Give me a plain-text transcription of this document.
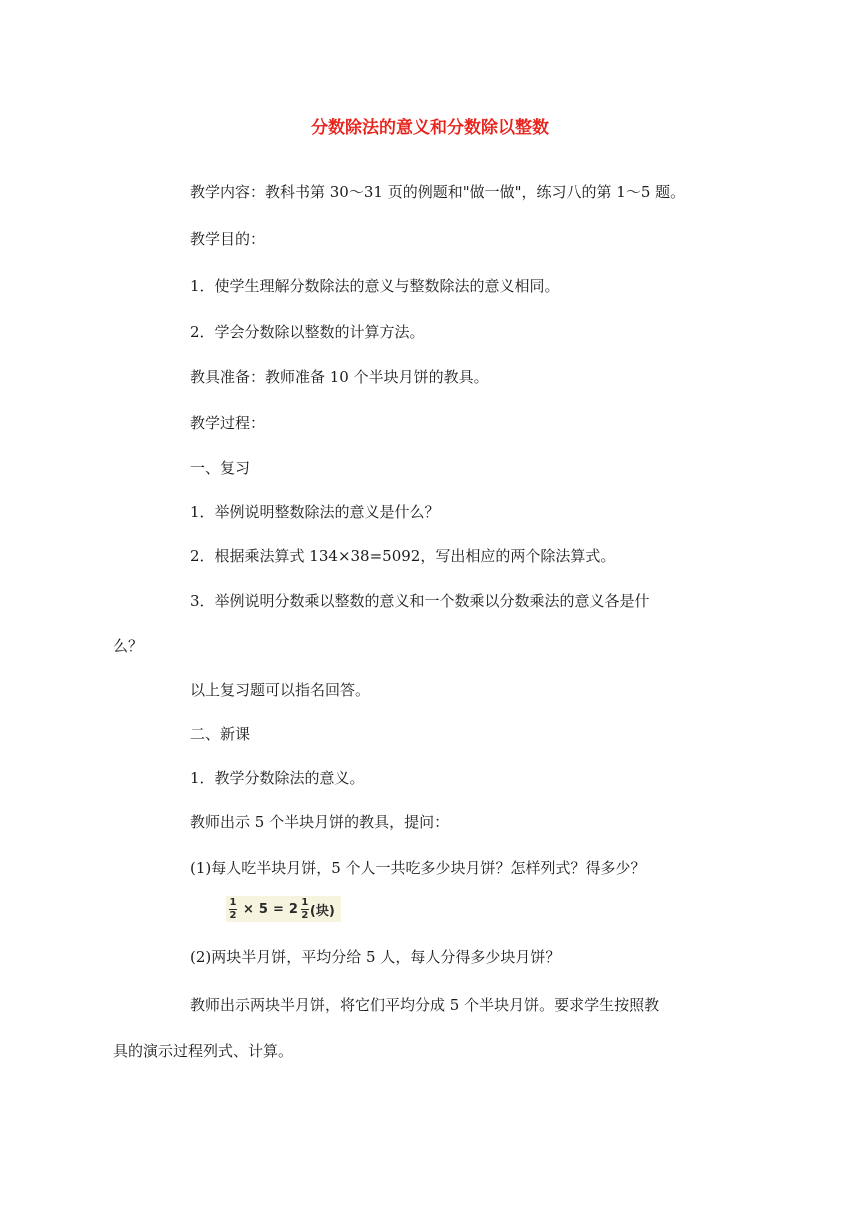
分数除法的意义和分数除以整数
教学内容：教科书第 30～31 页的例题和"做一做"，练习八的第 1～5 题。
教学目的：
1．使学生理解分数除法的意义与整数除法的意义相同。
2．学会分数除以整数的计算方法。
教具准备：教师准备 10 个半块月饼的教具。
教学过程：
一、复习
1．举例说明整数除法的意义是什么？
2．根据乘法算式 134×38=5092，写出相应的两个除法算式。
3．举例说明分数乘以整数的意义和一个数乘以分数乘法的意义各是什
么？
以上复习题可以指名回答。
二、新课
1．教学分数除法的意义。
教师出示 5 个半块月饼的教具，提问：
(1)每人吃半块月饼，5 个人一共吃多少块月饼？怎样列式？得多少？
$\frac{1}{2} \times 5 = 2 \frac{1}{2}$ (块)
(2)两块半月饼，平均分给 5 人，每人分得多少块月饼？
教师出示两块半月饼，将它们平均分成 5 个半块月饼。要求学生按照教
具的演示过程列式、计算。
